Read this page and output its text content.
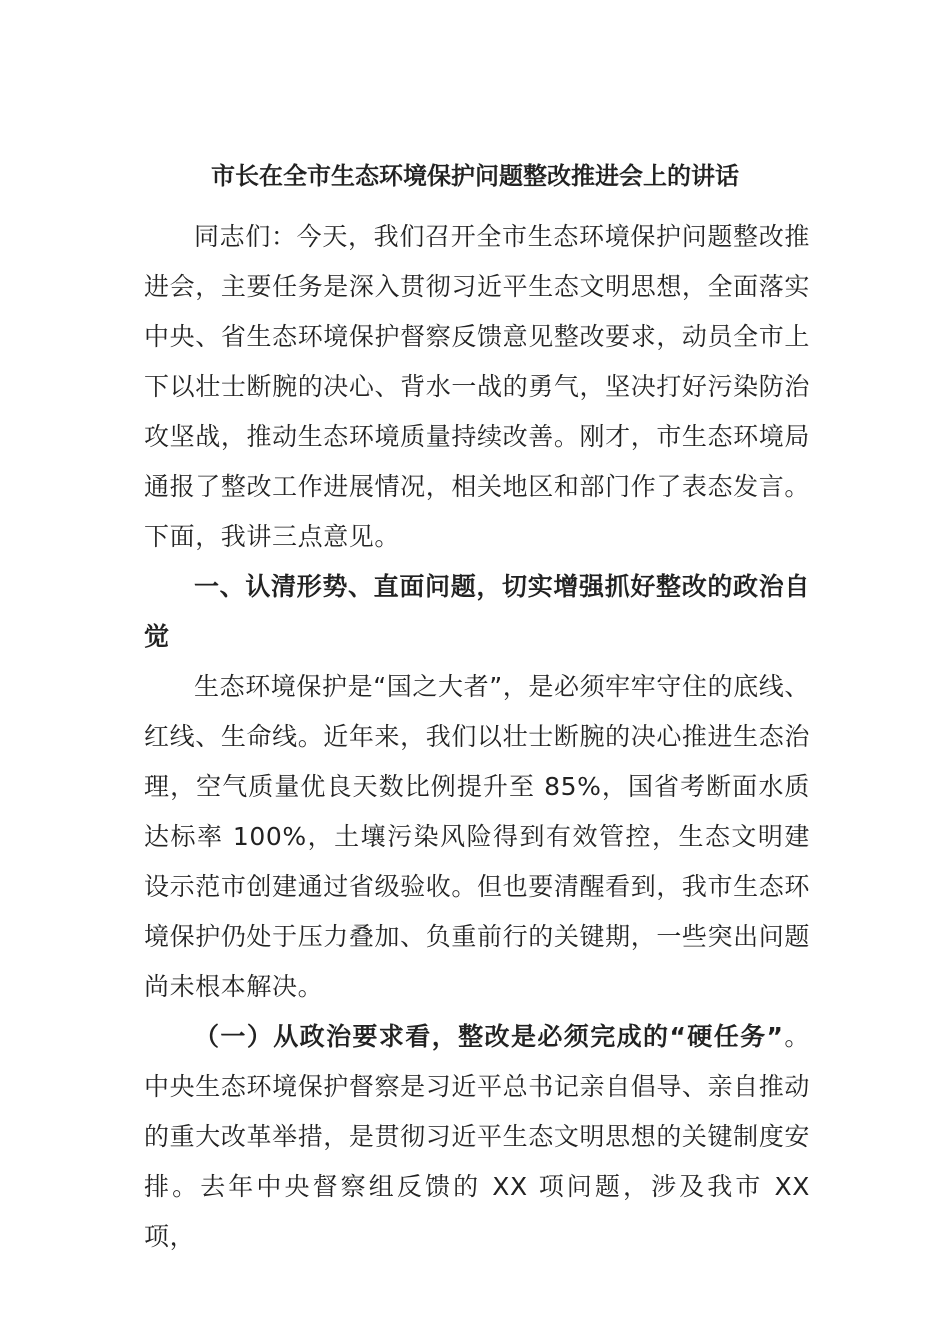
市长在全市生态环境保护问题整改推进会上的讲话

同志们：今天，我们召开全市生态环境保护问题整改推进会，主要任务是深入贯彻习近平生态文明思想，全面落实中央、省生态环境保护督察反馈意见整改要求，动员全市上下以壮士断腕的决心、背水一战的勇气，坚决打好污染防治攻坚战，推动生态环境质量持续改善。刚才，市生态环境局通报了整改工作进展情况，相关地区和部门作了表态发言。下面，我讲三点意见。

一、认清形势、直面问题，切实增强抓好整改的政治自觉

生态环境保护是“国之大者”，是必须牢牢守住的底线、红线、生命线。近年来，我们以壮士断腕的决心推进生态治理，空气质量优良天数比例提升至 85%，国省考断面水质达标率 100%，土壤污染风险得到有效管控，生态文明建设示范市创建通过省级验收。但也要清醒看到，我市生态环境保护仍处于压力叠加、负重前行的关键期，一些突出问题尚未根本解决。

（一）从政治要求看，整改是必须完成的“硬任务”。中央生态环境保护督察是习近平总书记亲自倡导、亲自推动的重大改革举措，是贯彻习近平生态文明思想的关键制度安排。去年中央督察组反馈的 XX 项问题，涉及我市 XX 项，
